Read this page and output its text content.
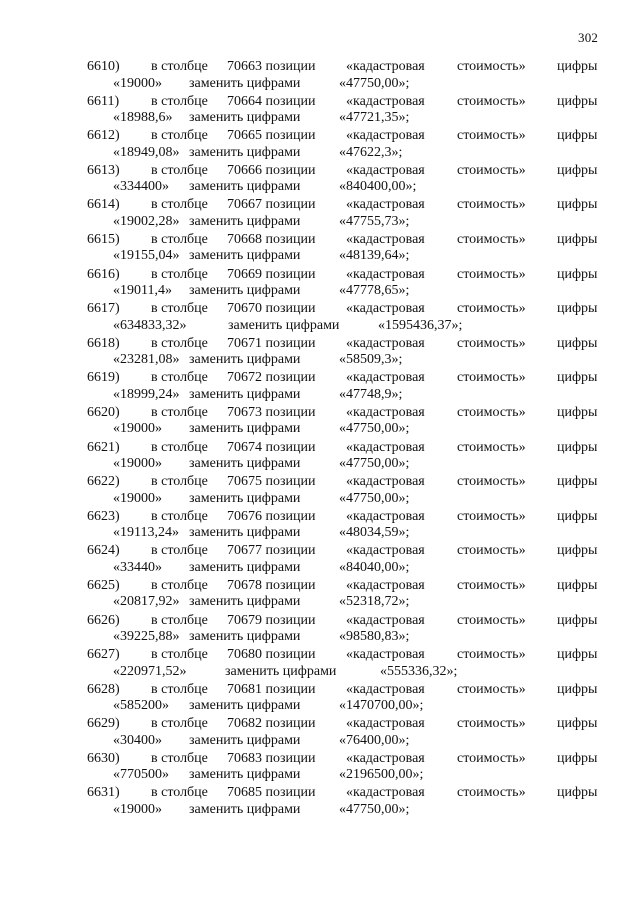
302
6610) в столбце 70663 позиции «кадастровая стоимость» цифры
«19000» заменить цифрами	«47750,00»;
6611) в столбце 70664 позиции «кадастровая стоимость» цифры
«18988,6» заменить цифрами	«47721,35»;
6612) в столбце 70665 позиции «кадастровая стоимость» цифры
«18949,08» заменить цифрами	«47622,3»;
6613) в столбце 70666 позиции «кадастровая стоимость» цифры
«334400» заменить цифрами	«840400,00»;
6614) в столбце 70667 позиции «кадастровая стоимость» цифры
«19002,28» заменить цифрами	«47755,73»;
6615) в столбце 70668 позиции «кадастровая стоимость» цифры
«19155,04» заменить цифрами	«48139,64»;
6616) в столбце 70669 позиции «кадастровая стоимость» цифры
«19011,4» заменить цифрами	«47778,65»;
6617) в столбце 70670 позиции «кадастровая стоимость» цифры
«634833,32»	заменить цифрами	«1595436,37»;
6618) в столбце 70671 позиции «кадастровая стоимость» цифры
«23281,08» заменить цифрами	«58509,3»;
6619) в столбце 70672 позиции «кадастровая стоимость» цифры
«18999,24» заменить цифрами	«47748,9»;
6620) в столбце 70673 позиции «кадастровая стоимость» цифры
«19000» заменить цифрами	«47750,00»;
6621) в столбце 70674 позиции «кадастровая стоимость» цифры
«19000» заменить цифрами	«47750,00»;
6622) в столбце 70675 позиции «кадастровая стоимость» цифры
«19000» заменить цифрами	«47750,00»;
6623) в столбце 70676 позиции «кадастровая стоимость» цифры
«19113,24» заменить цифрами	«48034,59»;
6624) в столбце 70677 позиции «кадастровая стоимость» цифры
«33440» заменить цифрами	«84040,00»;
6625) в столбце 70678 позиции «кадастровая стоимость» цифры
«20817,92» заменить цифрами	«52318,72»;
6626) в столбце 70679 позиции «кадастровая стоимость» цифры
«39225,88» заменить цифрами	«98580,83»;
6627) в столбце 70680 позиции «кадастровая стоимость» цифры
«220971,52»	заменить цифрами	«555336,32»;
6628) в столбце 70681 позиции «кадастровая стоимость» цифры
«585200» заменить цифрами	«1470700,00»;
6629) в столбце 70682 позиции «кадастровая стоимость» цифры
«30400» заменить цифрами	«76400,00»;
6630) в столбце 70683 позиции «кадастровая стоимость» цифры
«770500» заменить цифрами	«2196500,00»;
6631) в столбце 70685 позиции «кадастровая стоимость» цифры
«19000» заменить цифрами	«47750,00»;
